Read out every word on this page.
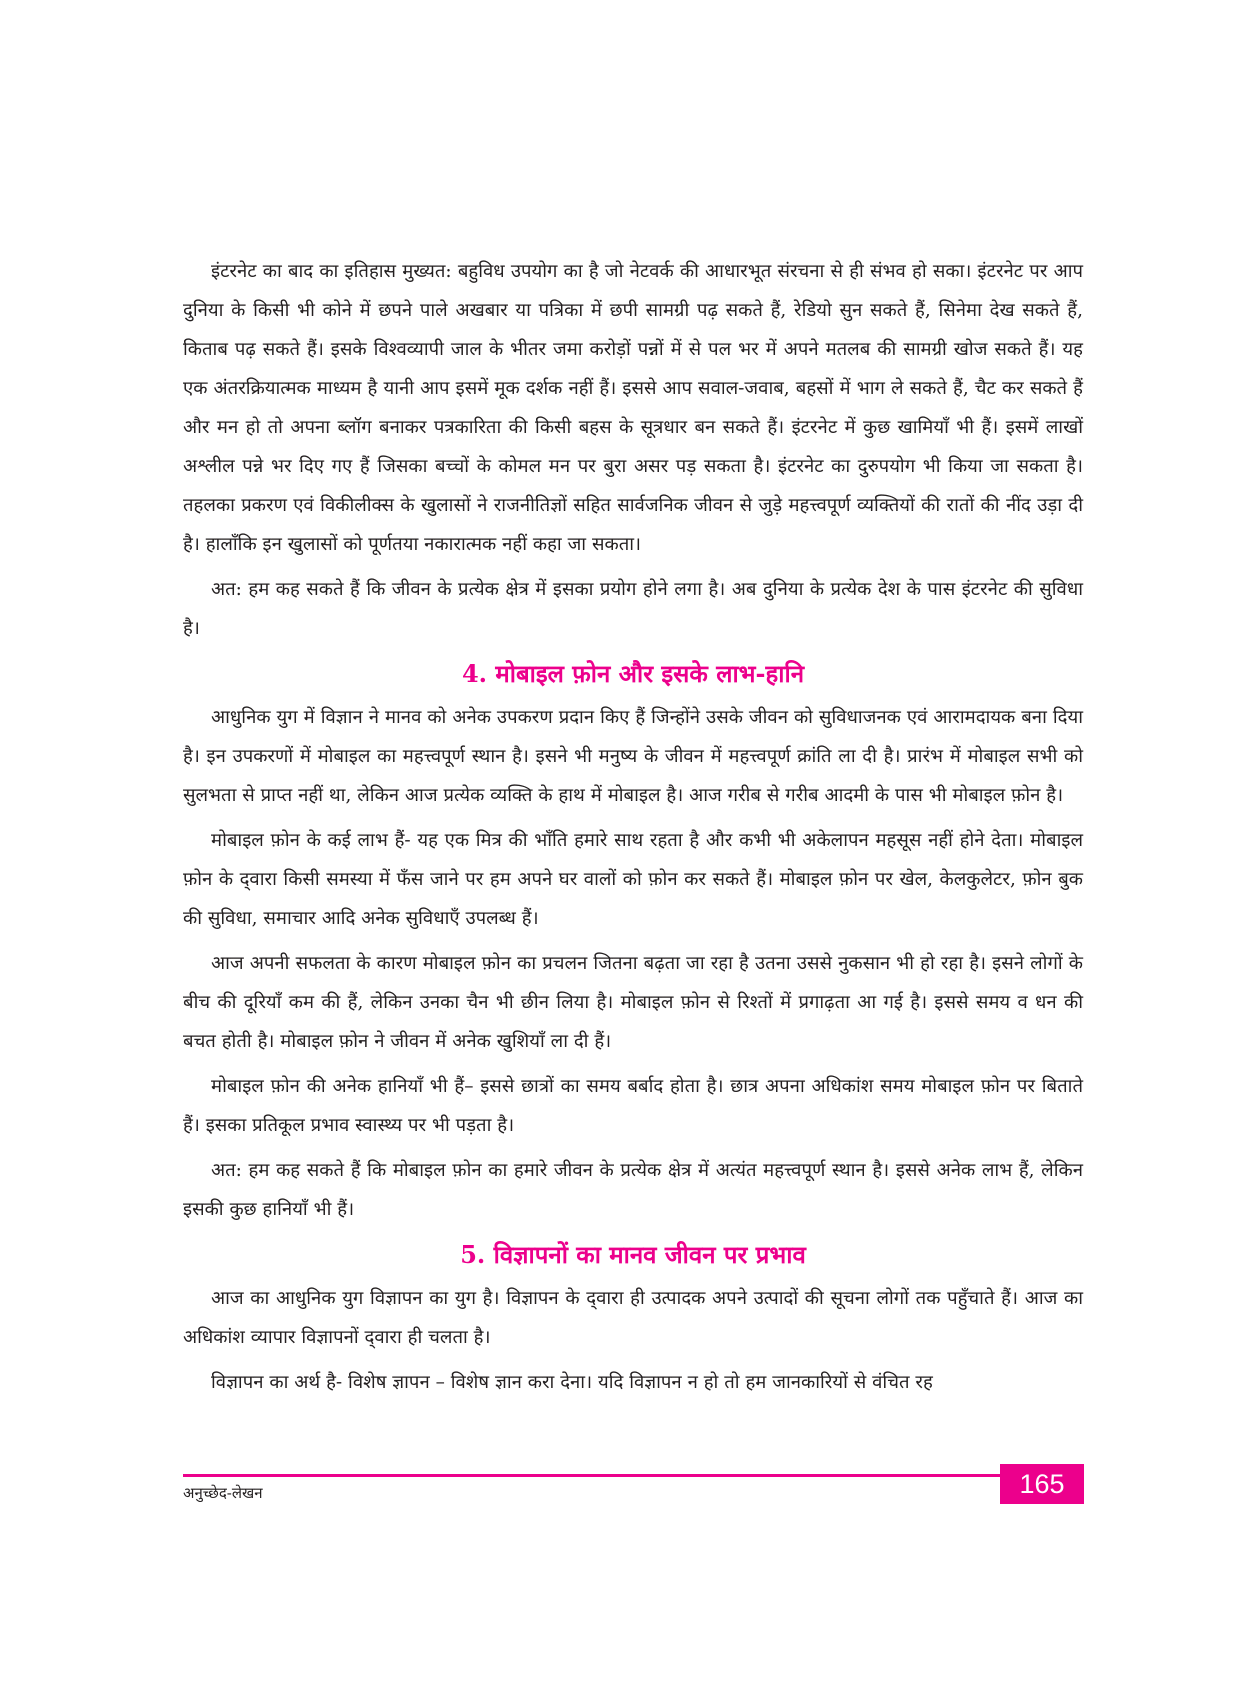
इंटरनेट का बाद का इतिहास मुख्यत: बहुविध उपयोग का है जो नेटवर्क की आधारभूत संरचना से ही संभव हो सका। इंटरनेट पर आप दुनिया के किसी भी कोने में छपने पाले अखबार या पत्रिका में छपी सामग्री पढ़ सकते हैं, रेडियो सुन सकते हैं, सिनेमा देख सकते हैं, किताब पढ़ सकते हैं। इसके विश्वव्यापी जाल के भीतर जमा करोड़ों पन्नों में से पल भर में अपने मतलब की सामग्री खोज सकते हैं। यह एक अंतरक्रियात्मक माध्यम है यानी आप इसमें मूक दर्शक नहीं हैं। इससे आप सवाल-जवाब, बहसों में भाग ले सकते हैं, चैट कर सकते हैं और मन हो तो अपना ब्लॉग बनाकर पत्रकारिता की किसी बहस के सूत्रधार बन सकते हैं। इंटरनेट में कुछ खामियाँ भी हैं। इसमें लाखों अश्लील पन्ने भर दिए गए हैं जिसका बच्चों के कोमल मन पर बुरा असर पड़ सकता है। इंटरनेट का दुरुपयोग भी किया जा सकता है। तहलका प्रकरण एवं विकीलीक्स के खुलासों ने राजनीतिज्ञों सहित सार्वजनिक जीवन से जुड़े महत्त्वपूर्ण व्यक्तियों की रातों की नींद उड़ा दी है। हालाँकि इन खुलासों को पूर्णतया नकारात्मक नहीं कहा जा सकता।

अत: हम कह सकते हैं कि जीवन के प्रत्येक क्षेत्र में इसका प्रयोग होने लगा है। अब दुनिया के प्रत्येक देश के पास इंटरनेट की सुविधा है।

4. मोबाइल फ़ोन और इसके लाभ-हानि

आधुनिक युग में विज्ञान ने मानव को अनेक उपकरण प्रदान किए हैं जिन्होंने उसके जीवन को सुविधाजनक एवं आरामदायक बना दिया है। इन उपकरणों में मोबाइल का महत्त्वपूर्ण स्थान है। इसने भी मनुष्य के जीवन में महत्त्वपूर्ण क्रांति ला दी है। प्रारंभ में मोबाइल सभी को सुलभता से प्राप्त नहीं था, लेकिन आज प्रत्येक व्यक्ति के हाथ में मोबाइल है। आज गरीब से गरीब आदमी के पास भी मोबाइल फ़ोन है।

मोबाइल फ़ोन के कई लाभ हैं- यह एक मित्र की भाँति हमारे साथ रहता है और कभी भी अकेलापन महसूस नहीं होने देता। मोबाइल फ़ोन के द्‌वारा किसी समस्या में फँस जाने पर हम अपने घर वालों को फ़ोन कर सकते हैं। मोबाइल फ़ोन पर खेल, केलकुलेटर, फ़ोन बुक की सुविधा, समाचार आदि अनेक सुविधाएँ उपलब्ध हैं।

आज अपनी सफलता के कारण मोबाइल फ़ोन का प्रचलन जितना बढ़ता जा रहा है उतना उससे नुकसान भी हो रहा है। इसने लोगों के बीच की दूरियाँ कम की हैं, लेकिन उनका चैन भी छीन लिया है। मोबाइल फ़ोन से रिश्तों में प्रगाढ़ता आ गई है। इससे समय व धन की बचत होती है। मोबाइल फ़ोन ने जीवन में अनेक खुशियाँ ला दी हैं।

मोबाइल फ़ोन की अनेक हानियाँ भी हैं– इससे छात्रों का समय बर्बाद होता है। छात्र अपना अधिकांश समय मोबाइल फ़ोन पर बिताते हैं। इसका प्रतिकूल प्रभाव स्वास्थ्य पर भी पड़ता है।

अत: हम कह सकते हैं कि मोबाइल फ़ोन का हमारे जीवन के प्रत्येक क्षेत्र में अत्यंत महत्त्वपूर्ण स्थान है। इससे अनेक लाभ हैं, लेकिन इसकी कुछ हानियाँ भी हैं।

5. विज्ञापनों का मानव जीवन पर प्रभाव

आज का आधुनिक युग विज्ञापन का युग है। विज्ञापन के द्‌वारा ही उत्पादक अपने उत्पादों की सूचना लोगों तक पहुँचाते हैं। आज का अधिकांश व्यापार विज्ञापनों द्‌वारा ही चलता है।

विज्ञापन का अर्थ है- विशेष ज्ञापन – विशेष ज्ञान करा देना। यदि विज्ञापन न हो तो हम जानकारियों से वंचित रह

अनुच्छेद-लेखन	165
